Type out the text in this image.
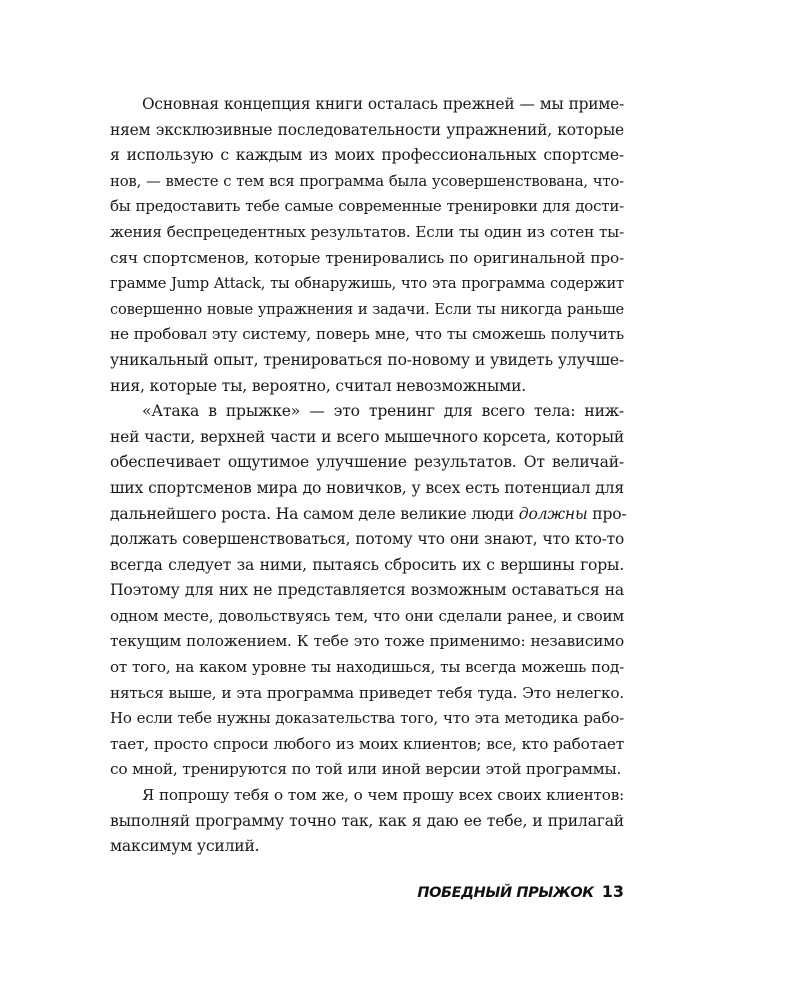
Основная концепция книги осталась прежней — мы приме-
няем эксклюзивные последовательности упражнений, которые
я использую с каждым из моих профессиональных спортсме-
нов, — вместе с тем вся программа была усовершенствована, что-
бы предоставить тебе самые современные тренировки для дости-
жения беспрецедентных результатов. Если ты один из сотен ты-
сяч спортсменов, которые тренировались по оригинальной про-
грамме Jump Attack, ты обнаружишь, что эта программа содержит
совершенно новые упражнения и задачи. Если ты никогда раньше
не пробовал эту систему, поверь мне, что ты сможешь получить
уникальный опыт, тренироваться по-новому и увидеть улучше-
ния, которые ты, вероятно, считал невозможными.
«Атака в прыжке» — это тренинг для всего тела: ниж-
ней части, верхней части и всего мышечного корсета, который
обеспечивает ощутимое улучшение результатов. От величай-
ших спортсменов мира до новичков, у всех есть потенциал для
дальнейшего роста. На самом деле великие люди должны про-
должать совершенствоваться, потому что они знают, что кто-то
всегда следует за ними, пытаясь сбросить их с вершины горы.
Поэтому для них не представляется возможным оставаться на
одном месте, довольствуясь тем, что они сделали ранее, и своим
текущим положением. К тебе это тоже применимо: независимо
от того, на каком уровне ты находишься, ты всегда можешь под-
няться выше, и эта программа приведет тебя туда. Это нелегко.
Но если тебе нужны доказательства того, что эта методика рабо-
тает, просто спроси любого из моих клиентов; все, кто работает
со мной, тренируются по той или иной версии этой программы.
Я попрошу тебя о том же, о чем прошу всех своих клиентов:
выполняй программу точно так, как я даю ее тебе, и прилагай
максимум усилий.
ПОБЕДНЫЙ ПРЫЖОК 13
